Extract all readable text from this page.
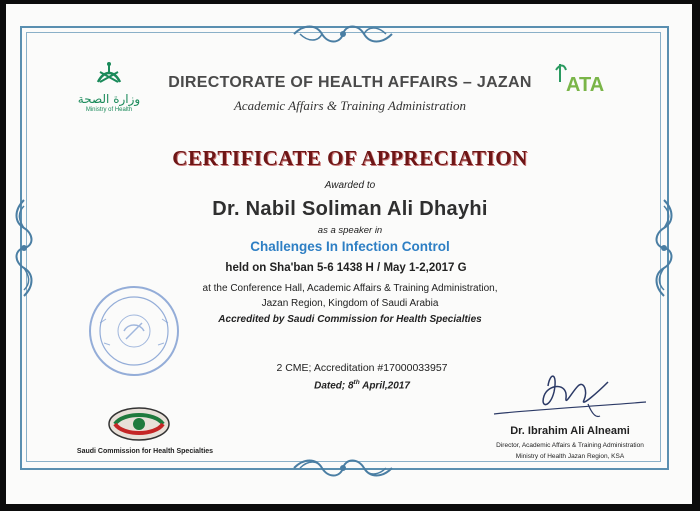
وزارة الصحة
Ministry of Health
ATA
DIRECTORATE OF HEALTH AFFAIRS – JAZAN
Academic Affairs & Training Administration
CERTIFICATE OF APPRECIATION
Awarded to
Dr. Nabil Soliman Ali Dhayhi
as a speaker in
Challenges In Infection Control
held on Sha'ban 5-6 1438 H / May 1-2,2017 G
at the Conference Hall, Academic Affairs & Training Administration,
Jazan Region, Kingdom of Saudi Arabia
Accredited by Saudi Commission for Health Specialties
2 CME; Accreditation #17000033957
Dated; 8th April,2017
Saudi Commission for Health Specialties
Dr. Ibrahim Ali Alneami
Director, Academic Affairs & Training Administration
Ministry of Health Jazan Region, KSA
